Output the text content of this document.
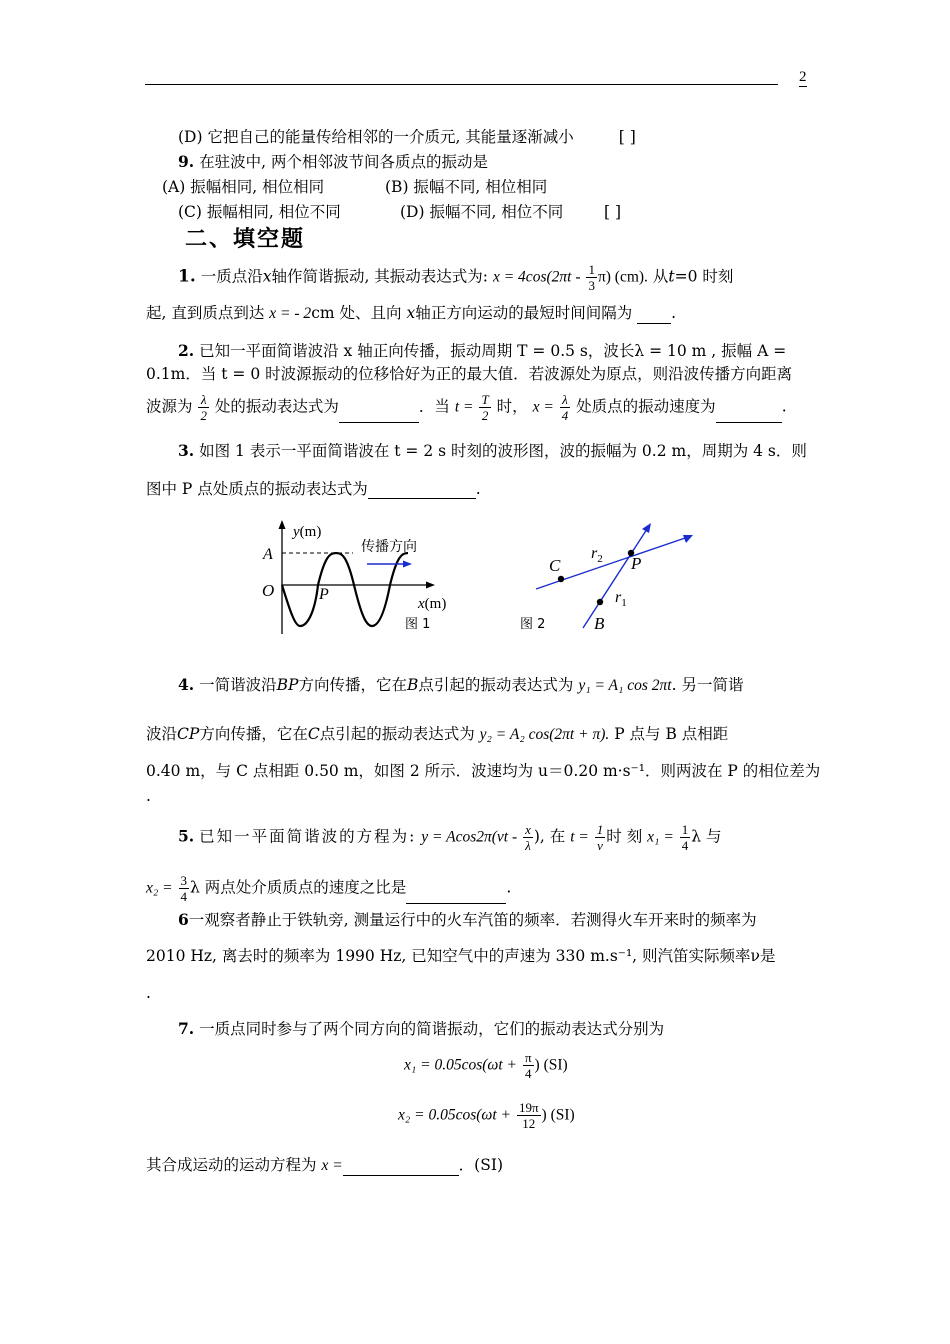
2
(D) 它把自己的能量传给相邻的一介质元, 其能量逐渐减小	[ ]
9. 在驻波中, 两个相邻波节间各质点的振动是
(A) 振幅相同, 相位相同	(B) 振幅不同, 相位相同
(C) 振幅相同, 相位不同	(D) 振幅不同, 相位不同	[ ]
二、填空题
1. 一质点沿x轴作简谐振动, 其振动表达式为: $x = 4\cos(2\pi t - \frac{1}{3} \pi)$ (cm). 从t=0 时刻
起, 直到质点到达 x = - 2cm 处、且向 x轴正方向运动的最短时间间隔为	.
2. 已知一平面简谐波沿 x 轴正向传播，振动周期 T = 0.5 s，波长λ = 10 m , 振幅 A =
0.1m．当 t = 0 时波源振动的位移恰好为正的最大值．若波源处为原点，则沿波传播方向距离
波源为 $\frac{\lambda}{2}$ 处的振动表达式为	．当 $t = \frac{T}{2}$ 时， $x = \frac{\lambda}{4}$ 处质点的振动速度为	.
3. 如图 1 表示一平面简谐波在 t = 2 s 时刻的波形图，波的振幅为 0.2 m，周期为 4 s．则
图中 P 点处质点的振动表达式为	.
y(m)
x(m)
A
O	P
传播方向
图 1
C	P
B
$r_2$
$r_1$
图 2
4. 一简谐波沿BP方向传播，它在B点引起的振动表达式为 y₁ = A₁ cos 2πt. 另一简谐
波沿CP方向传播，它在C点引起的振动表达式为 y₂ = A₂ cos(2πt + π). P 点与 B 点相距
0.40 m，与 C 点相距 0.50 m，如图 2 所示．波速均为 u＝0.20 m·s⁻¹．则两波在 P 的相位差为
.
5. 已知一平面简谐波的方程为: $y = Acos2\pi(\nu t - \frac{x}{\lambda}$ ), 在 $t = \frac{1}{\nu}$ 时 刻 $x_1 = \frac{1}{4}$ λ 与
$x_2 = \frac{3}{4}$ λ 两点处介质质点的速度之比是	.
6一观察者静止于铁轨旁, 测量运行中的火车汽笛的频率．若测得火车开来时的频率为
2010 Hz, 离去时的频率为 1990 Hz, 已知空气中的声速为 330 m.s⁻¹, 则汽笛实际频率ν是
.
7. 一质点同时参与了两个同方向的简谐振动，它们的振动表达式分别为
$x_1 = 0.05\cos(\omega t + \frac{\pi}{4}$ ) (SI)
$x_2 = 0.05\cos(\omega t + \frac{19\pi}{12}$ ) (SI)
其合成运动的运动方程为 x =	．(SI)
